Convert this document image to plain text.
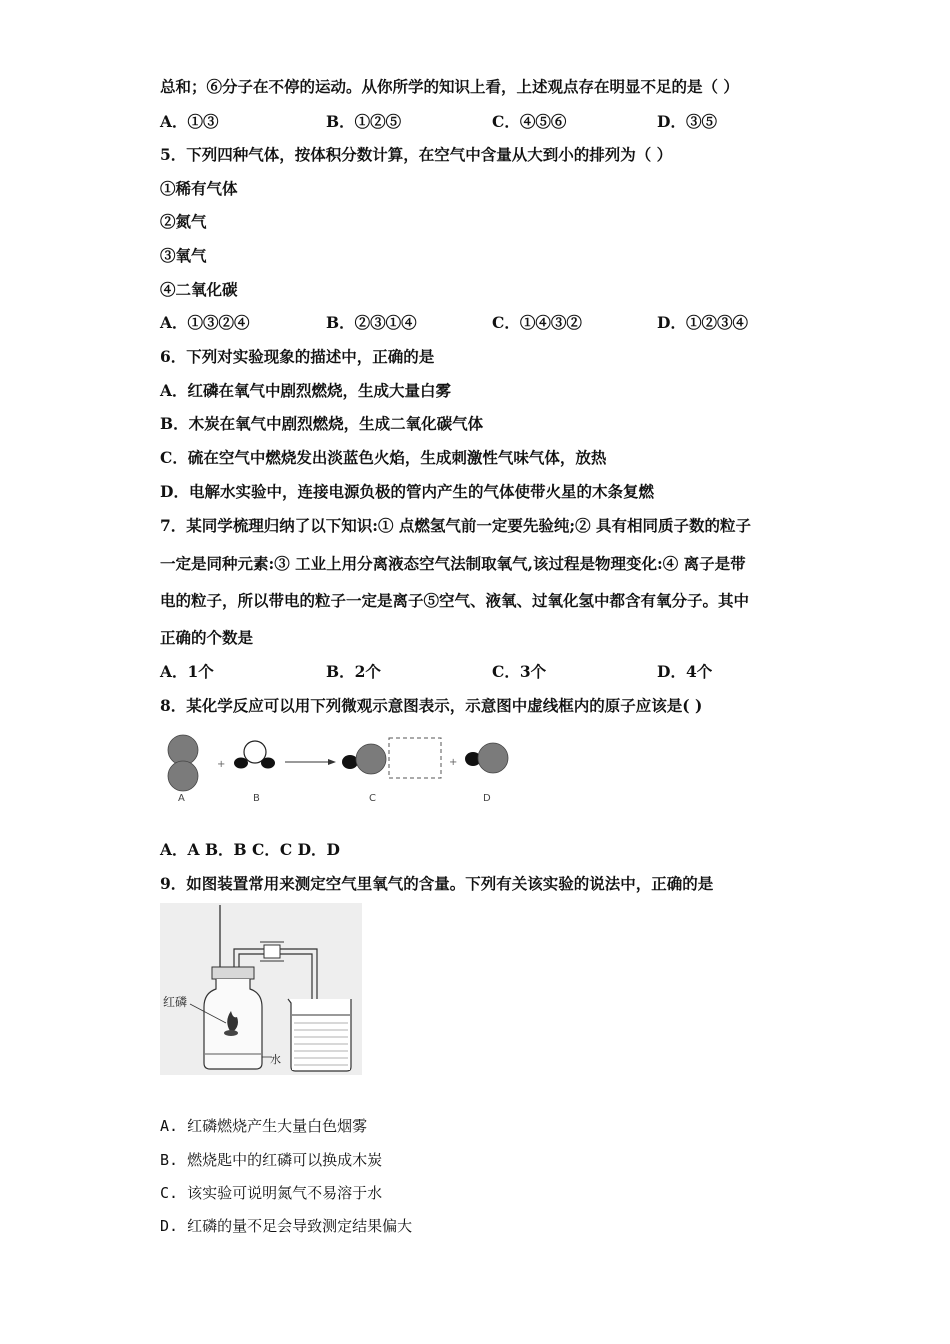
总和；⑥分子在不停的运动。从你所学的知识上看，上述观点存在明显不足的是（ ）
A．①③	B．①②⑤	C．④⑤⑥	D．③⑤
5．下列四种气体，按体积分数计算，在空气中含量从大到小的排列为（ ）
①稀有气体
②氮气
③氧气
④二氧化碳
A．①③②④	B．②③①④	C．①④③②	D．①②③④
6．下列对实验现象的描述中，正确的是
A．红磷在氧气中剧烈燃烧，生成大量白雾
B．木炭在氧气中剧烈燃烧，生成二氧化碳气体
C．硫在空气中燃烧发出淡蓝色火焰，生成刺激性气味气体，放热
D．电解水实验中，连接电源负极的管内产生的气体使带火星的木条复燃
7．某同学梳理归纳了以下知识:① 点燃氢气前一定要先验纯;② 具有相同质子数的粒子
一定是同种元素:③ 工业上用分离液态空气法制取氧气,该过程是物理变化:④ 离子是带
电的粒子，所以带电的粒子一定是离子⑤空气、液氧、过氧化氢中都含有氧分子。其中
正确的个数是
A．1个	B．2个	C．3个	D．4个
8．某化学反应可以用下列微观示意图表示，示意图中虚线框内的原子应该是( )
+	+
A	B	C	D
A．A B．B C．C D．D
9．如图装置常用来测定空气里氧气的含量。下列有关该实验的说法中，正确的是
红磷
水
A. 红磷燃烧产生大量白色烟雾
B. 燃烧匙中的红磷可以换成木炭
C. 该实验可说明氮气不易溶于水
D. 红磷的量不足会导致测定结果偏大
